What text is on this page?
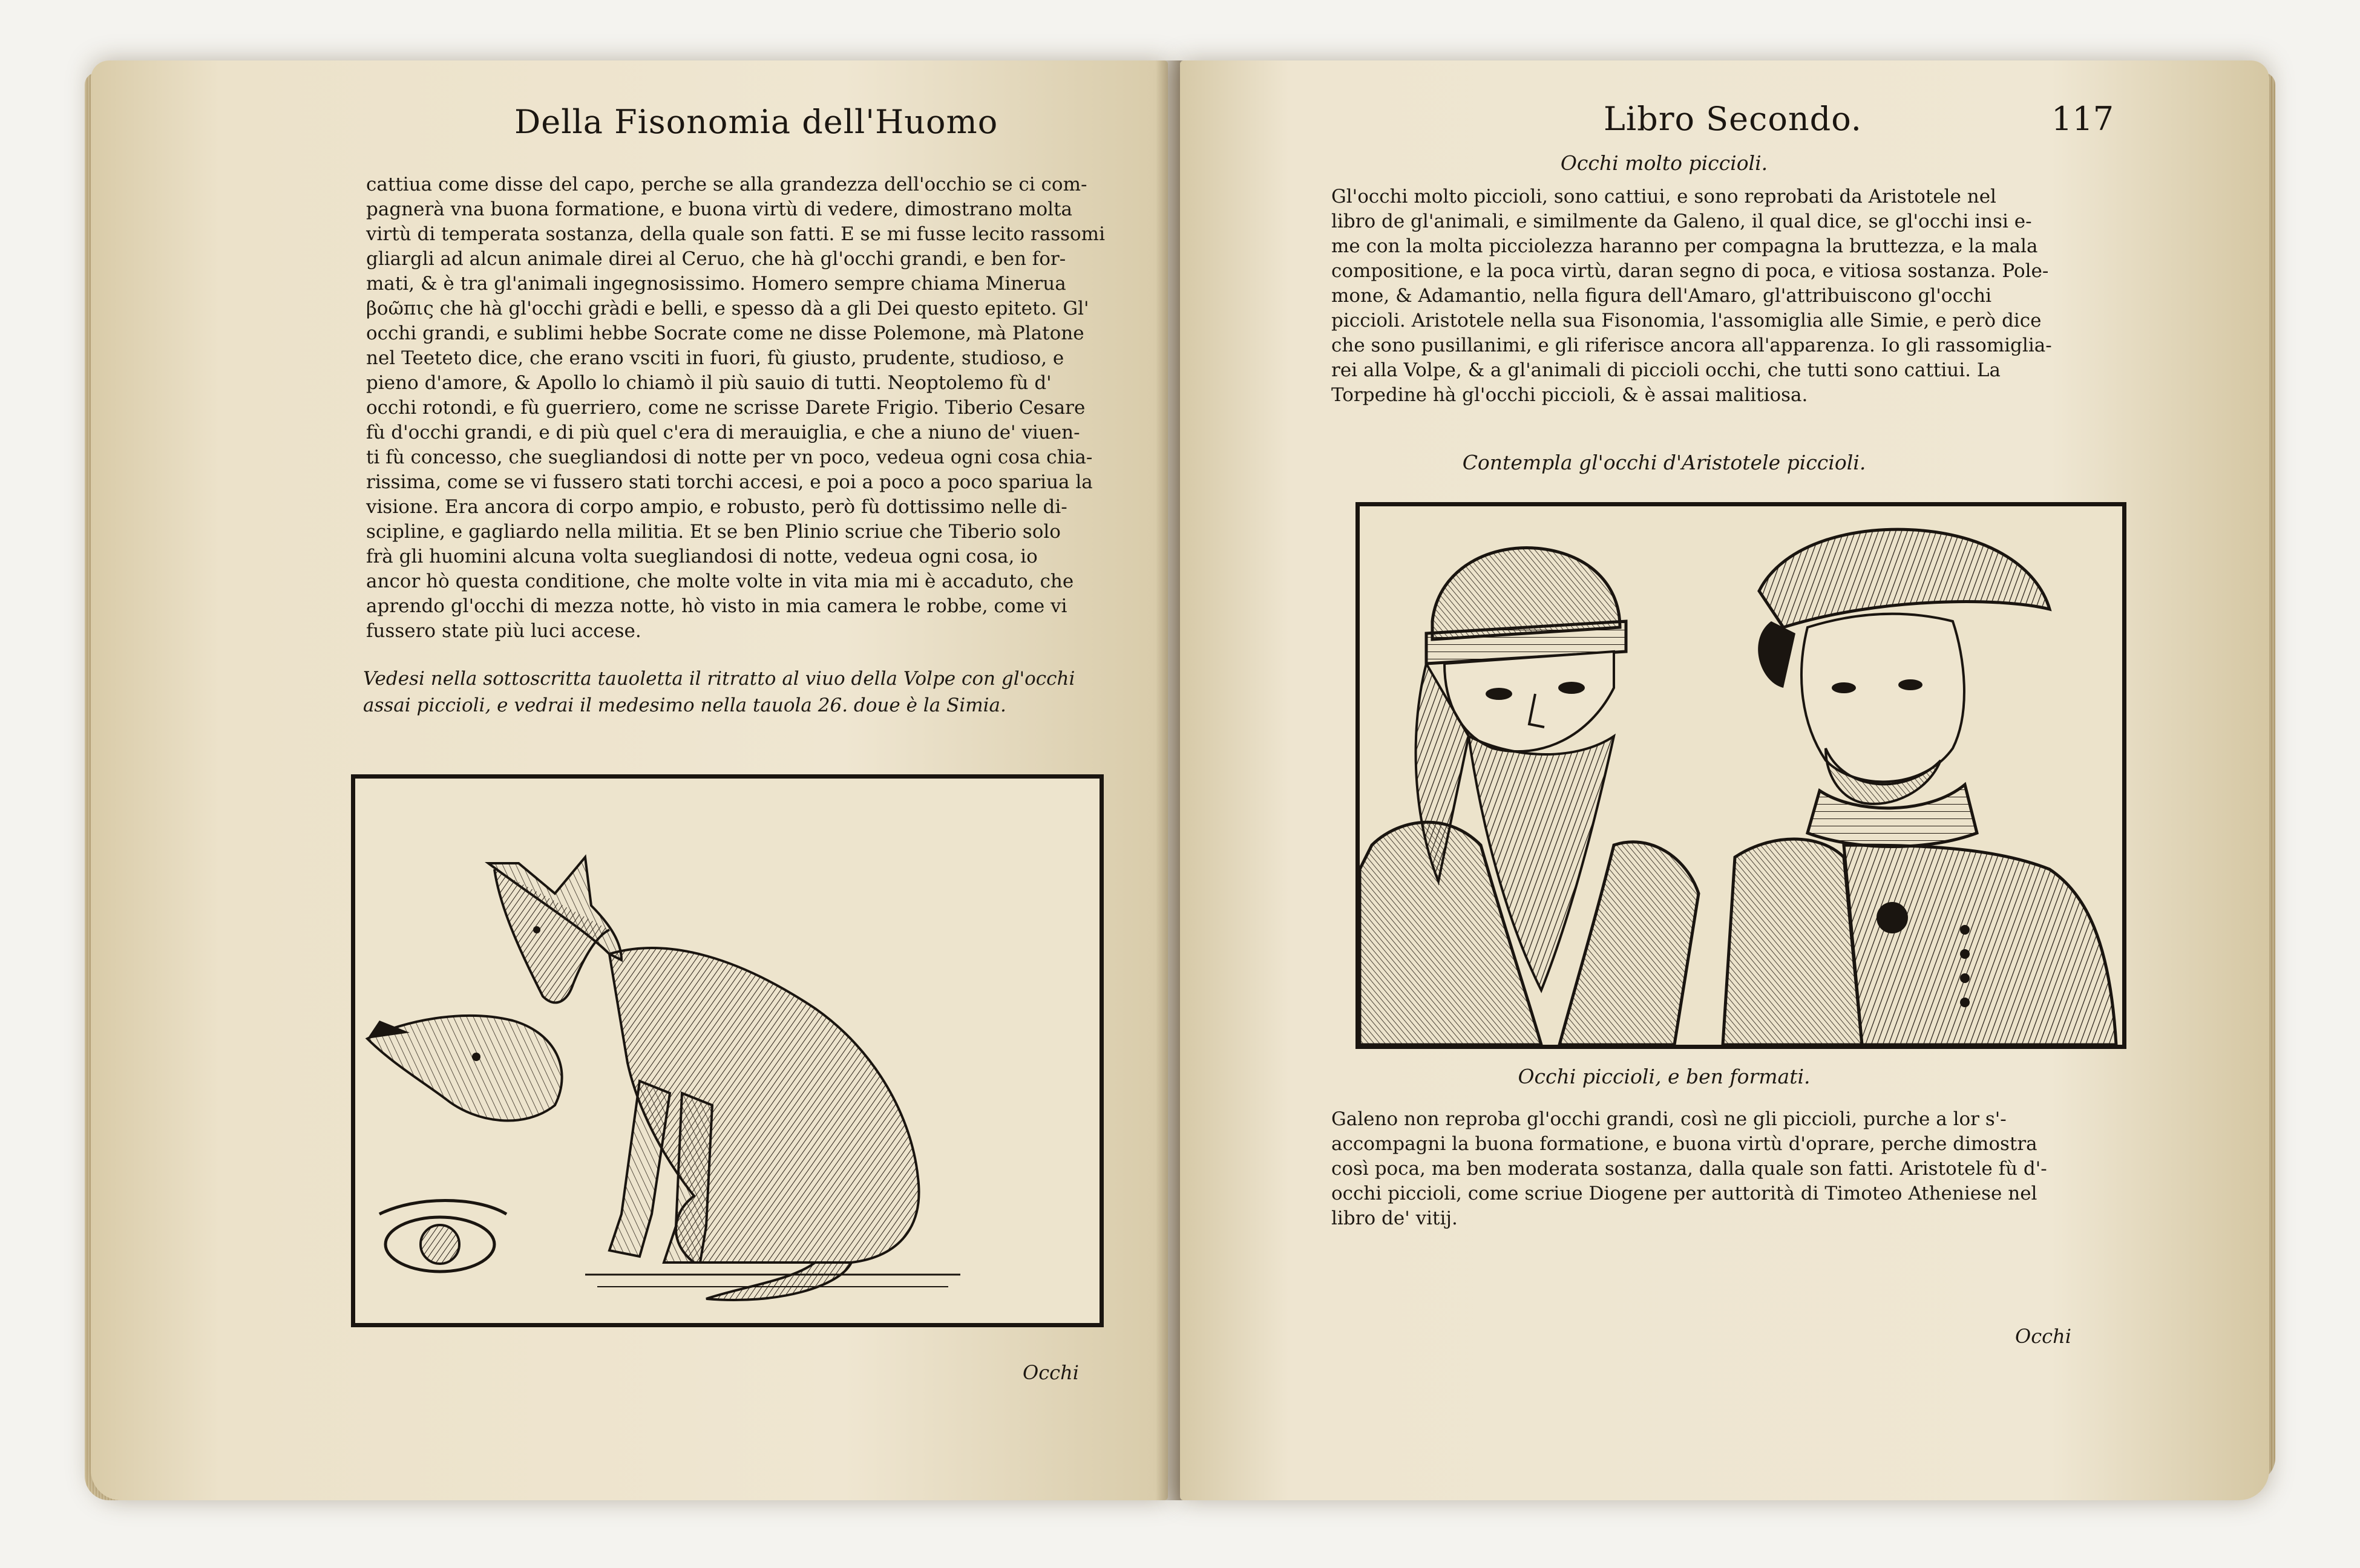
Della Fisonomia dell'Huomo

cattiua come disse del capo, perche se alla grandezza dell'occhio se ci com-

pagnerà vna buona formatione, e buona virtù di vedere, dimostrano molta

virtù di temperata sostanza, della quale son fatti. E se mi fusse lecito rassomi

gliargli ad alcun animale direi al Ceruo, che hà gl'occhi grandi, e ben for-

mati, & è tra gl'animali ingegnosissimo. Homero sempre chiama Minerua

βοῶπις che hà gl'occhi gràdi e belli, e spesso dà a gli Dei questo epiteto. Gl'

occhi grandi, e sublimi hebbe Socrate come ne disse Polemone, mà Platone

nel Teeteto dice, che erano vsciti in fuori, fù giusto, prudente, studioso, e

pieno d'amore, & Apollo lo chiamò il più sauio di tutti. Neoptolemo fù d'

occhi rotondi, e fù guerriero, come ne scrisse Darete Frigio. Tiberio Cesare

fù d'occhi grandi, e di più quel c'era di merauiglia, e che a niuno de' viuen-

ti fù concesso, che suegliandosi di notte per vn poco, vedeua ogni cosa chia-

rissima, come se vi fussero stati torchi accesi, e poi a poco a poco spariua la

visione. Era ancora di corpo ampio, e robusto, però fù dottissimo nelle di-

scipline, e gagliardo nella militia. Et se ben Plinio scriue che Tiberio solo

frà gli huomini alcuna volta suegliandosi di notte, vedeua ogni cosa, io

ancor hò questa conditione, che molte volte in vita mia mi è accaduto, che

aprendo gl'occhi di mezza notte, hò visto in mia camera le robbe, come vi

fussero state più luci accese.

Vedesi nella sottoscritta tauoletta il ritratto al viuo della Volpe con gl'occhi
assai piccioli, e vedrai il medesimo nella tauola 26. doue è la Simia.
Occhi
Libro Secondo.	117
Occhi molto piccioli.

Gl'occhi molto piccioli, sono cattiui, e sono reprobati da Aristotele nel

libro de gl'animali, e similmente da Galeno, il qual dice, se gl'occhi insi e-

me con la molta picciolezza haranno per compagna la bruttezza, e la mala

compositione, e la poca virtù, daran segno di poca, e vitiosa sostanza. Pole-

mone, & Adamantio, nella figura dell'Amaro, gl'attribuiscono gl'occhi

piccioli. Aristotele nella sua Fisonomia, l'assomiglia alle Simie, e però dice

che sono pusillanimi, e gli riferisce ancora all'apparenza. Io gli rassomiglia-

rei alla Volpe, & a gl'animali di piccioli occhi, che tutti sono cattiui. La

Torpedine hà gl'occhi piccioli, & è assai malitiosa.

Contempla gl'occhi d'Aristotele piccioli.
Occhi piccioli, e ben formati.

Galeno non reproba gl'occhi grandi, così ne gli piccioli, purche a lor s'-

accompagni la buona formatione, e buona virtù d'oprare, perche dimostra

così poca, ma ben moderata sostanza, dalla quale son fatti. Aristotele fù d'-

occhi piccioli, come scriue Diogene per auttorità di Timoteo Atheniese nel

libro de' vitij.

Occhi
